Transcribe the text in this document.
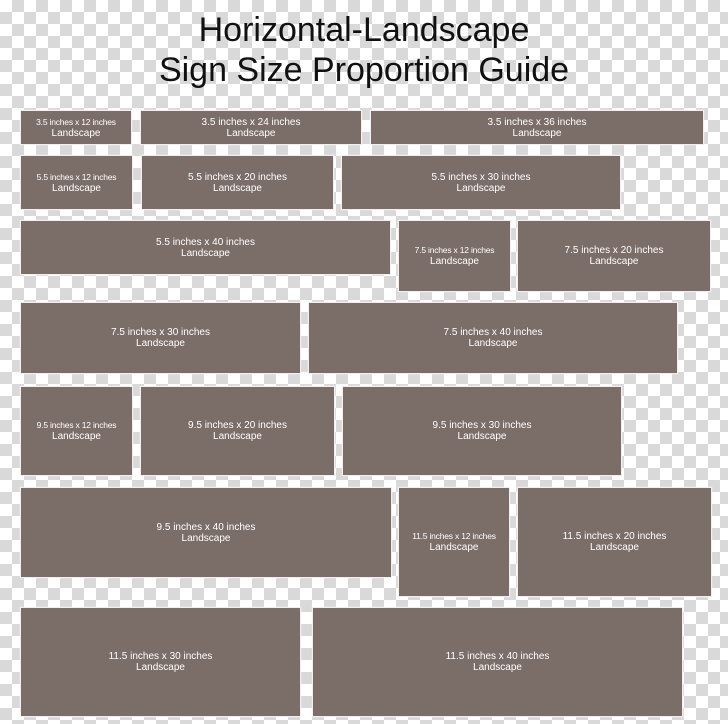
Horizontal-Landscape
Sign Size Proportion Guide
3.5 inches x 12 inches
Landscape
3.5 inches x 24 inches
Landscape
3.5 inches x 36 inches
Landscape
5.5 inches x 12 inches
Landscape
5.5 inches x 20 inches
Landscape
5.5 inches x 30 inches
Landscape
5.5 inches x 40 inches
Landscape	7.5 inches x 12 inches
Landscape
7.5 inches x 20 inches
Landscape
7.5 inches x 30 inches
Landscape
7.5 inches x 40 inches
Landscape
9.5 inches x 12 inches
Landscape
9.5 inches x 20 inches
Landscape
9.5 inches x 30 inches
Landscape
9.5 inches x 40 inches
Landscape	11.5 inches x 12 inches
Landscape
11.5 inches x 20 inches
Landscape
11.5 inches x 30 inches
Landscape
11.5 inches x 40 inches
Landscape
